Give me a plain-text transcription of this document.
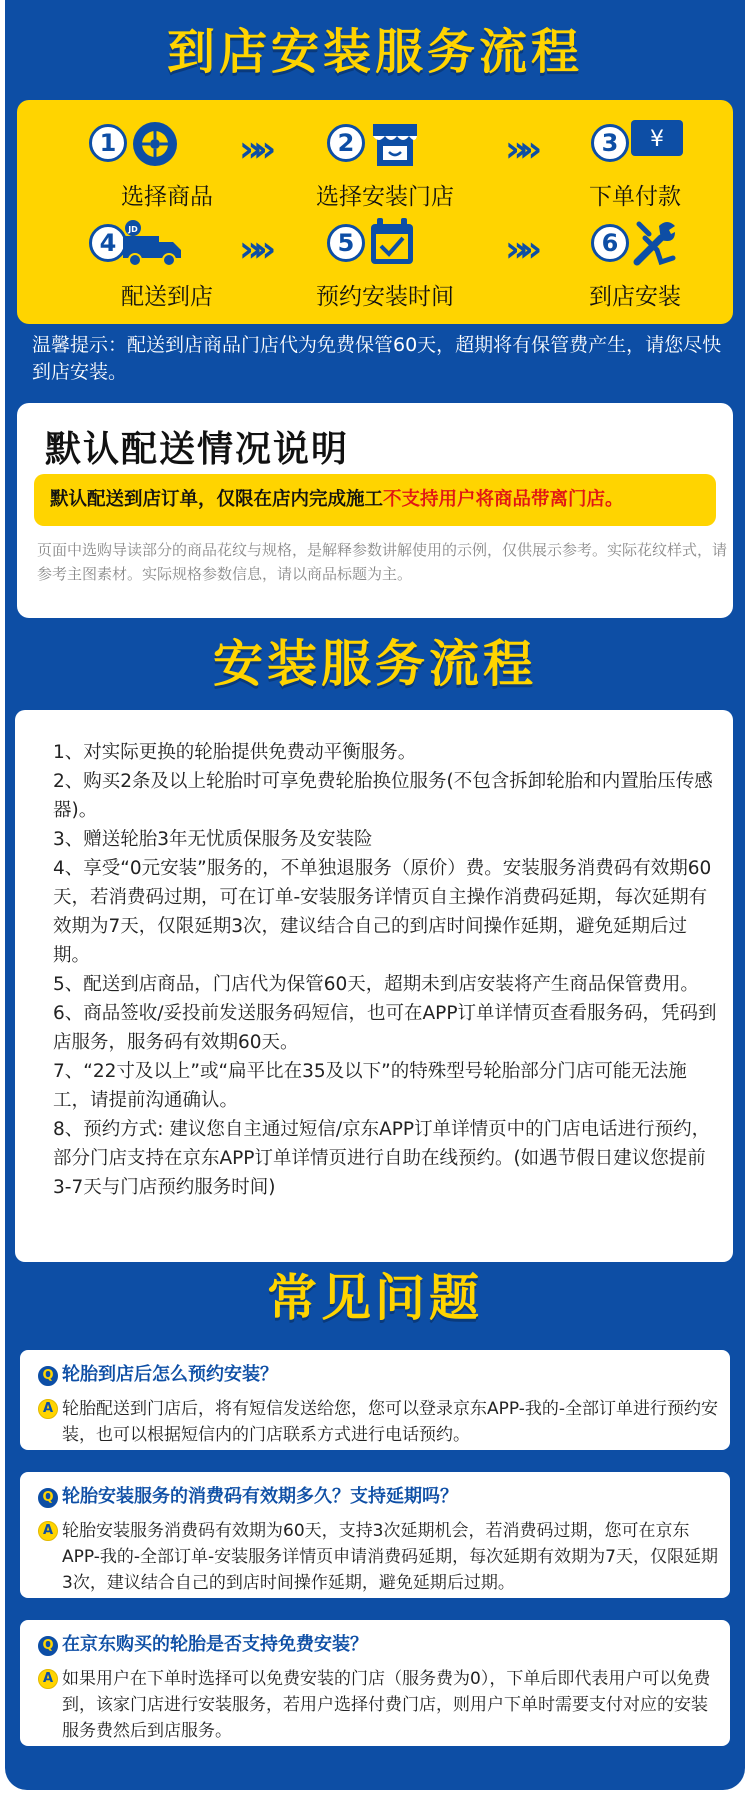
到店安装服务流程
1
选择商品
»
»	2
选择安装门店
»
»	3	¥
下单付款
4	JD
配送到店
»
»	5
预约安装时间
»
»	6
到店安装
温馨提示：配送到店商品门店代为免费保管60天，超期将有保管费产生，请您尽快到店安装。
默认配送情况说明
默认配送到店订单，仅限在店内完成施工不支持用户将商品带离门店。
页面中选购导读部分的商品花纹与规格，是解释参数讲解使用的示例，仅供展示参考。实际花纹样式，请参考主图素材。实际规格参数信息，请以商品标题为主。
安装服务流程

1、对实际更换的轮胎提供免费动平衡服务。

2、购买2条及以上轮胎时可享免费轮胎换位服务(不包含拆卸轮胎和内置胎压传感器)。

3、赠送轮胎3年无忧质保服务及安装险

4、享受“0元安装”服务的，不单独退服务（原价）费。安装服务消费码有效期60天，若消费码过期，可在订单-安装服务详情页自主操作消费码延期，每次延期有效期为7天，仅限延期3次，建议结合自己的到店时间操作延期，避免延期后过期。

5、配送到店商品，门店代为保管60天，超期未到店安装将产生商品保管费用。

6、商品签收/妥投前发送服务码短信，也可在APP订单详情页查看服务码，凭码到店服务，服务码有效期60天。

7、“22寸及以上”或“扁平比在35及以下”的特殊型号轮胎部分门店可能无法施工，请提前沟通确认。

8、预约方式: 建议您自主通过短信/京东APP订单详情页中的门店电话进行预约，部分门店支持在京东APP订单详情页进行自助在线预约。(如遇节假日建议您提前3-7天与门店预约服务时间)

常见问题
Q 轮胎到店后怎么预约安装？
A 轮胎配送到门店后，将有短信发送给您，您可以登录京东APP-我的-全部订单进行预约安装，也可以根据短信内的门店联系方式进行电话预约。
Q 轮胎安装服务的消费码有效期多久？支持延期吗？
A 轮胎安装服务消费码有效期为60天，支持3次延期机会，若消费码过期，您可在京东APP-我的-全部订单-安装服务详情页申请消费码延期，每次延期有效期为7天，仅限延期3次，建议结合自己的到店时间操作延期，避免延期后过期。
Q 在京东购买的轮胎是否支持免费安装？
A 如果用户在下单时选择可以免费安装的门店（服务费为0），下单后即代表用户可以免费到，该家门店进行安装服务，若用户选择付费门店，则用户下单时需要支付对应的安装服务费然后到店服务。
